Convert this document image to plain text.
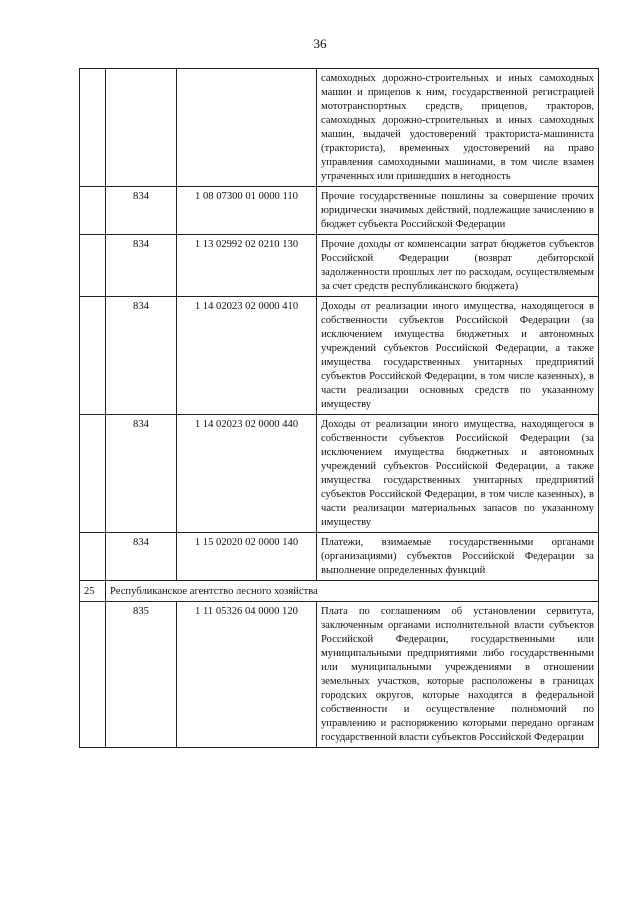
36

			самоходных дорожно-строительных и иных самоходных машин и прицепов к ним, государственной регистрацией мототранспортных средств, прицепов, тракторов, самоходных дорожно-строительных и иных самоходных машин, выдачей удостоверений тракториста-машиниста (тракториста), временных удостоверений на право управления самоходными машинами, в том числе взамен утраченных или пришедших в негодность

	834	1 08 07300 01 0000 110	Прочие государственные пошлины за совершение прочих юридически значимых действий, подлежащие зачислению в бюджет субъекта Российской Федерации

	834	1 13 02992 02 0210 130	Прочие доходы от компенсации затрат бюджетов субъектов Российской Федерации (возврат дебиторской задолженности прошлых лет по расходам, осуществляемым за счет средств республиканского бюджета)

	834	1 14 02023 02 0000 410	Доходы от реализации иного имущества, находящегося в собственности субъектов Российской Федерации (за исключением имущества бюджетных и автономных учреждений субъектов Российской Федерации, а также имущества государственных унитарных предприятий субъектов Российской Федерации, в том числе казенных), в части реализации основных средств по указанному имуществу

	834	1 14 02023 02 0000 440	Доходы от реализации иного имущества, находящегося в собственности субъектов Российской Федерации (за исключением имущества бюджетных и автономных учреждений субъектов Российской Федерации, а также имущества государственных унитарных предприятий субъектов Российской Федерации, в том числе казенных), в части реализации материальных запасов по указанному имуществу

	834	1 15 02020 02 0000 140	Платежи, взимаемые государственными органами (организациями) субъектов Российской Федерации за выполнение определенных функций

25	Республиканское агентство лесного хозяйства		
	835	1 11 05326 04 0000 120	Плата по соглашениям об установлении сервитута, заключенным органами исполнительной власти субъектов Российской Федерации, государственными или муниципальными предприятиями либо государственными или муниципальными учреждениями в отношении земельных участков, которые расположены в границах городских округов, которые находятся в федеральной собственности и осуществление полномочий по управлению и распоряжению которыми передано органам государственной власти субъектов Российской Федерации
